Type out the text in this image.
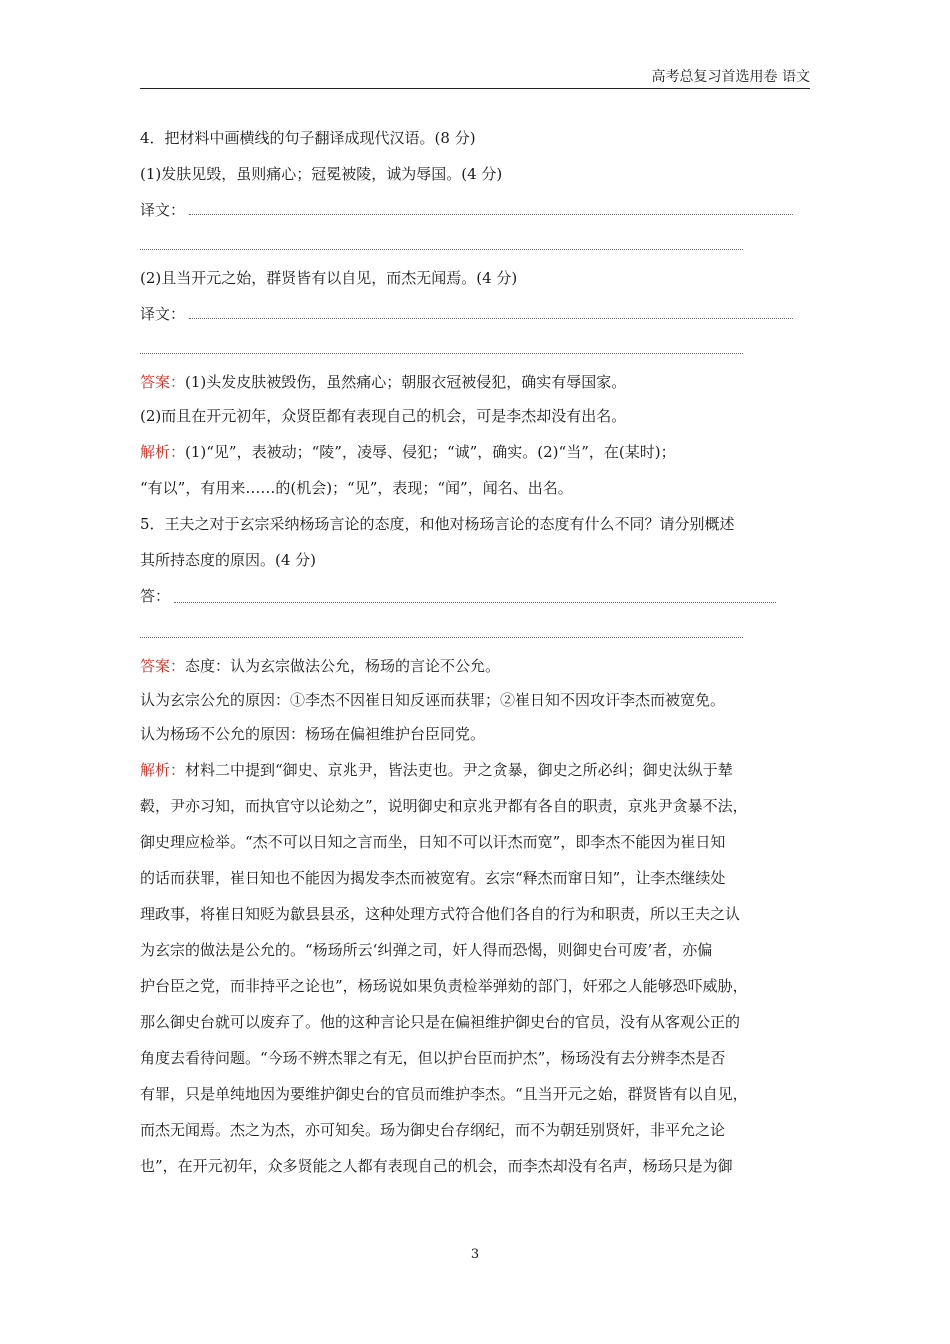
高考总复习首选用卷 语文
4．把材料中画横线的句子翻译成现代汉语。(8 分)
(1)发肤见毁，虽则痛心；冠冕被陵，诚为辱国。(4 分)
译文：
(2)且当开元之始，群贤皆有以自见，而杰无闻焉。(4 分)
译文：
答案：(1)头发皮肤被毁伤，虽然痛心；朝服衣冠被侵犯，确实有辱国家。
(2)而且在开元初年，众贤臣都有表现自己的机会，可是李杰却没有出名。
解析：(1)“见”，表被动；“陵”，凌辱、侵犯；“诚”，确实。(2)“当”，在(某时)；
“有以”，有用来……的(机会)；“见”，表现；“闻”，闻名、出名。
5．王夫之对于玄宗采纳杨玚言论的态度，和他对杨玚言论的态度有什么不同？请分别概述
其所持态度的原因。(4 分)
答：
答案：态度：认为玄宗做法公允，杨玚的言论不公允。
认为玄宗公允的原因：①李杰不因崔日知反诬而获罪；②崔日知不因攻讦李杰而被宽免。
认为杨玚不公允的原因：杨玚在偏袒维护台臣同党。
解析：材料二中提到“御史、京兆尹，皆法吏也。尹之贪暴，御史之所必纠；御史汰纵于辇
毂，尹亦习知，而执官守以论劾之”，说明御史和京兆尹都有各自的职责，京兆尹贪暴不法，
御史理应检举。“杰不可以日知之言而坐，日知不可以讦杰而宽”，即李杰不能因为崔日知
的话而获罪，崔日知也不能因为揭发李杰而被宽宥。玄宗“释杰而窜日知”，让李杰继续处
理政事，将崔日知贬为歙县县丞，这种处理方式符合他们各自的行为和职责，所以王夫之认
为玄宗的做法是公允的。“杨玚所云‘纠弹之司，奸人得而恐愒，则御史台可废’者，亦偏
护台臣之党，而非持平之论也”，杨玚说如果负责检举弹劾的部门，奸邪之人能够恐吓威胁，
那么御史台就可以废弃了。他的这种言论只是在偏袒维护御史台的官员，没有从客观公正的
角度去看待问题。“今玚不辨杰罪之有无，但以护台臣而护杰”，杨玚没有去分辨李杰是否
有罪，只是单纯地因为要维护御史台的官员而维护李杰。“且当开元之始，群贤皆有以自见，
而杰无闻焉。杰之为杰，亦可知矣。玚为御史台存纲纪，而不为朝廷别贤奸，非平允之论
也”，在开元初年，众多贤能之人都有表现自己的机会，而李杰却没有名声，杨玚只是为御
3
